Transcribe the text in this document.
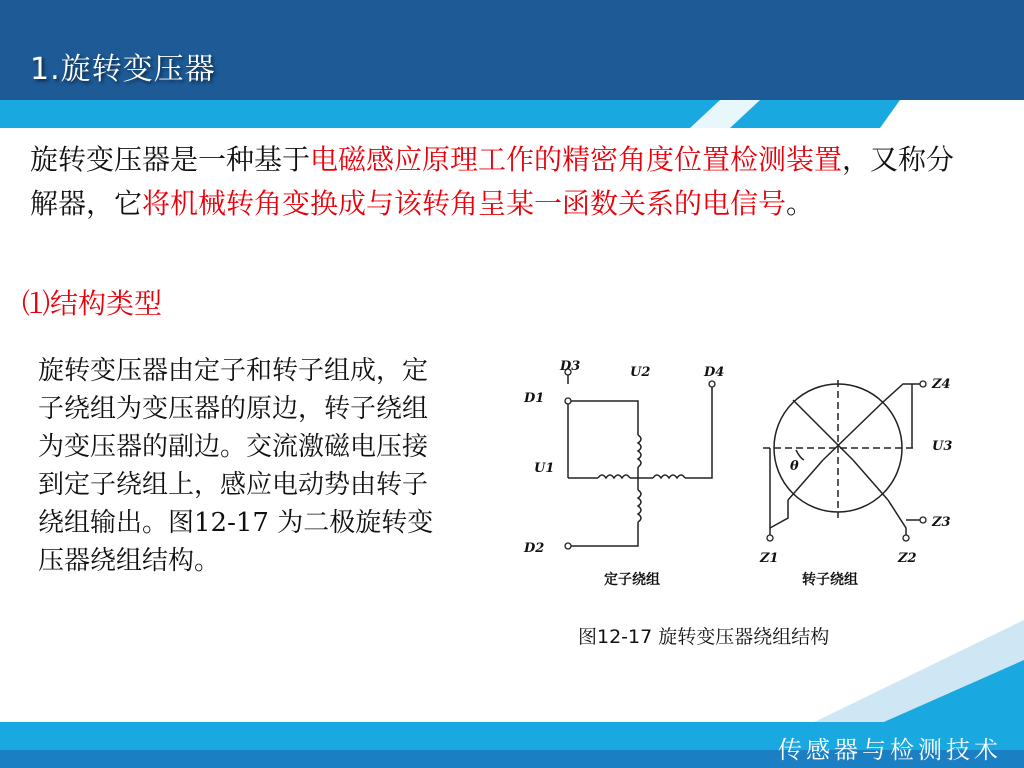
1.旋转变压器
旋转变压器是一种基于电磁感应原理工作的精密角度位置检测装置，又称分解器，它将机械转角变换成与该转角呈某一函数关系的电信号。
⑴结构类型
旋转变压器由定子和转子组成，定子绕组为变压器的原边，转子绕组为变压器的副边。交流激磁电压接到定子绕组上，感应电动势由转子绕组输出。图12-17 为二极旋转变压器绕组结构。
D3	U2	D4
D1
U1
D2
Z4
U3
Z3
Z1	Z2
θ
定子绕组	转子绕组
图12-17 旋转变压器绕组结构
传感器与检测技术
